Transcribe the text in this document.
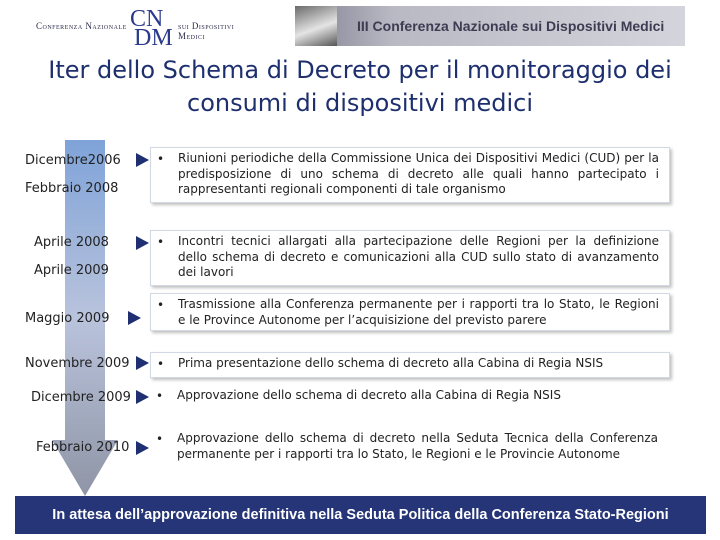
Conferenza Nazionale CN
DM sui Dispositivi Medici
III Conferenza Nazionale sui Dispositivi Medici
Iter dello Schema di Decreto per il monitoraggio dei
consumi di dispositivi medici
Dicembre2006
Febbraio 2008
Aprile 2008
Aprile 2009
Maggio 2009
Novembre 2009
Dicembre 2009
Febbraio 2010
• Riunioni periodiche della Commissione Unica dei Dispositivi Medici (CUD) per la predisposizione di uno schema di decreto alle quali hanno partecipato i rappresentanti regionali componenti di tale organismo
• Incontri tecnici allargati alla partecipazione delle Regioni per la definizione dello schema di decreto e comunicazioni alla CUD sullo stato di avanzamento dei lavori
• Trasmissione alla Conferenza permanente per i rapporti tra lo Stato, le Regioni e le Province Autonome per l’acquisizione del previsto parere
• Prima presentazione dello schema di decreto alla Cabina di Regia NSIS
• Approvazione dello schema di decreto alla Cabina di Regia NSIS
• Approvazione dello schema di decreto nella Seduta Tecnica della Conferenza permanente per i rapporti tra lo Stato, le Regioni e le Provincie Autonome
In attesa dell’approvazione definitiva nella Seduta Politica della Conferenza Stato-Regioni
